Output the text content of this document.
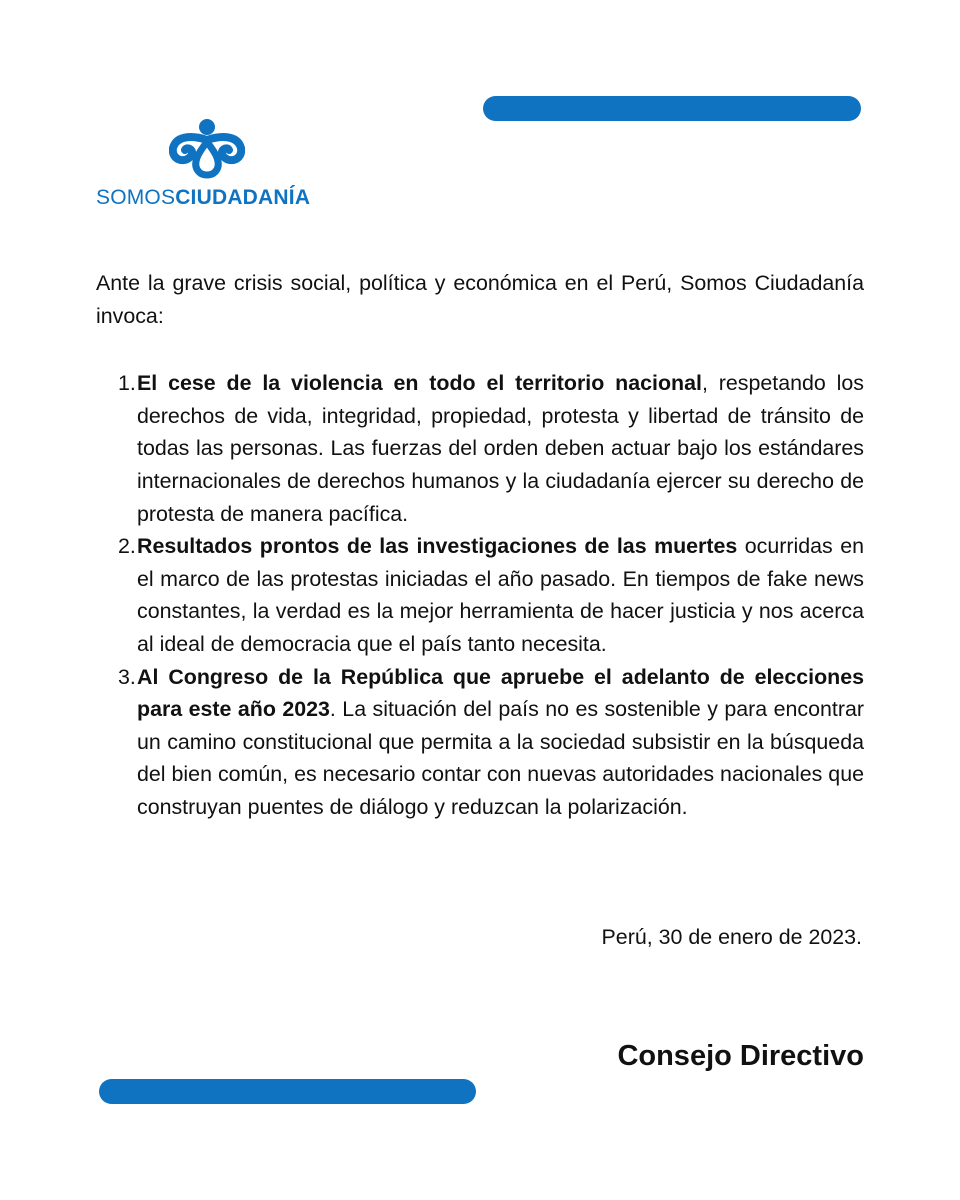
SOMOSCIUDADANÍA

Ante la grave crisis social, política y económica en el Perú, Somos Ciudadanía invoca:

1. El cese de la violencia en todo el territorio nacional, respetando los derechos de vida, integridad, propiedad, protesta y libertad de tránsito de todas las personas. Las fuerzas del orden deben actuar bajo los estándares internacionales de derechos humanos y la ciudadanía ejercer su derecho de protesta de manera pacífica.
2. Resultados prontos de las investigaciones de las muertes ocurridas en el marco de las protestas iniciadas el año pasado. En tiempos de fake news constantes, la verdad es la mejor herramienta de hacer justicia y nos acerca al ideal de democracia que el país tanto necesita.
3. Al Congreso de la República que apruebe el adelanto de elecciones para este año 2023. La situación del país no es sostenible y para encontrar un camino constitucional que permita a la sociedad subsistir en la búsqueda del bien común, es necesario contar con nuevas autoridades nacionales que construyan puentes de diálogo y reduzcan la polarización.
Perú, 30 de enero de 2023.
Consejo Directivo
